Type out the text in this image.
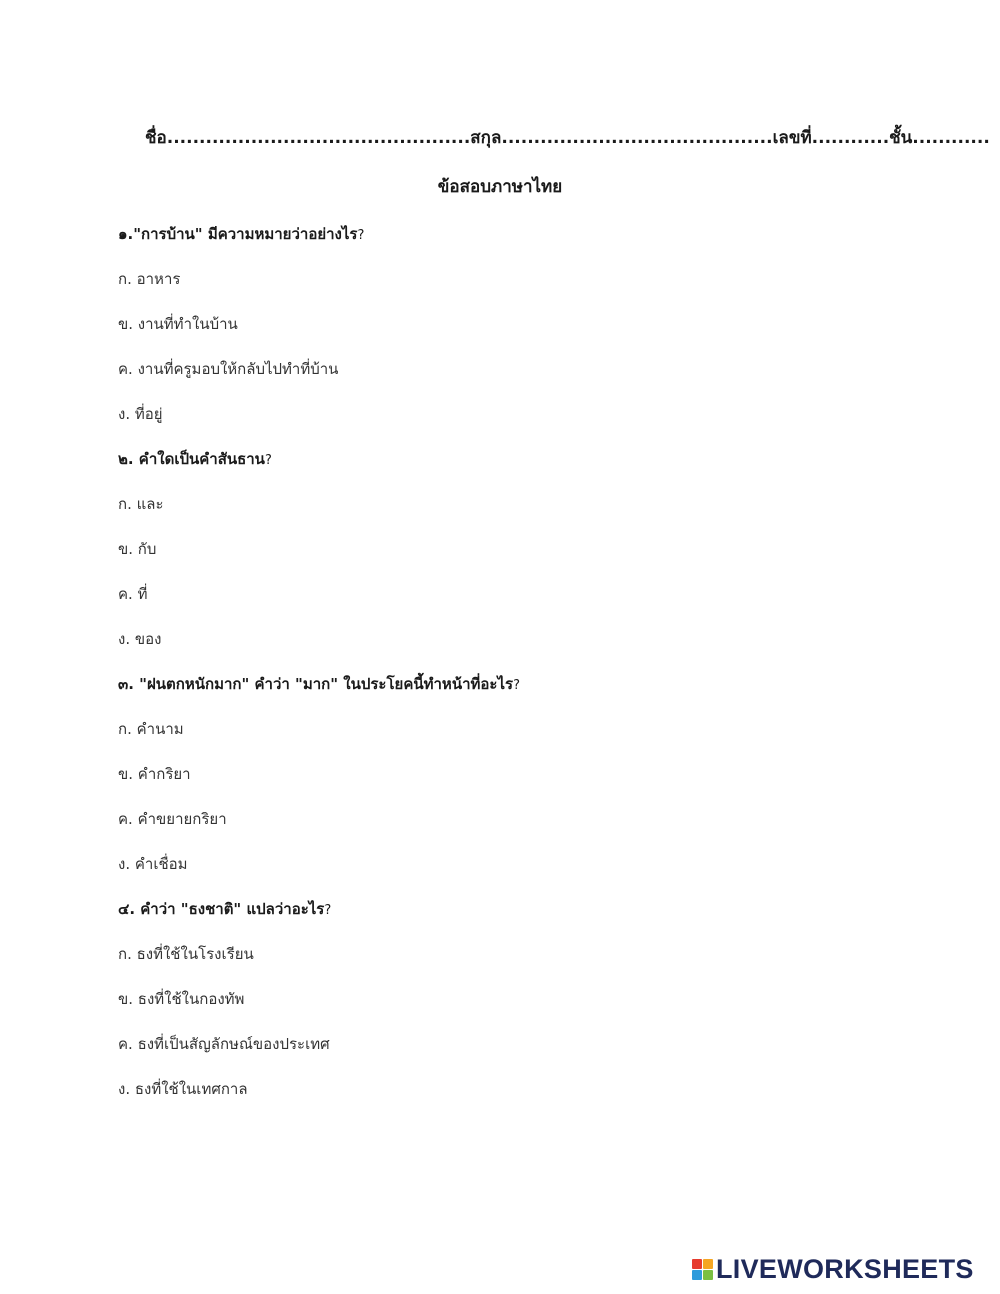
ชื่อ...............................................สกุล..........................................เลขที่............ชั้น............
ข้อสอบภาษาไทย
๑."การบ้าน" มีความหมายว่าอย่างไร?
ก. อาหาร
ข. งานที่ทำในบ้าน
ค. งานที่ครูมอบให้กลับไปทำที่บ้าน
ง. ที่อยู่
๒. คำใดเป็นคำสันธาน?
ก. และ
ข. กับ
ค. ที่
ง. ของ
๓. "ฝนตกหนักมาก" คำว่า "มาก" ในประโยคนี้ทำหน้าที่อะไร?
ก. คำนาม
ข. คำกริยา
ค. คำขยายกริยา
ง. คำเชื่อม
๔. คำว่า "ธงชาติ" แปลว่าอะไร?
ก. ธงที่ใช้ในโรงเรียน
ข. ธงที่ใช้ในกองทัพ
ค. ธงที่เป็นสัญลักษณ์ของประเทศ
ง. ธงที่ใช้ในเทศกาล
LIVEWORKSHEETS
